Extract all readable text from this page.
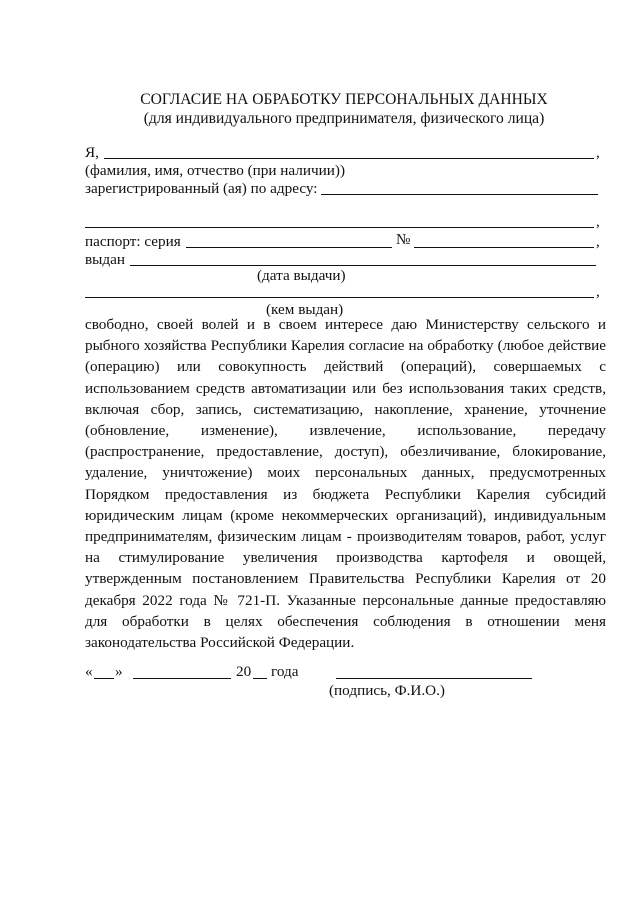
СОГЛАСИЕ НА ОБРАБОТКУ ПЕРСОНАЛЬНЫХ ДАННЫХ
(для индивидуального предпринимателя, физического лица)
Я,	,
(фамилия, имя, отчество (при наличии))
зарегистрированный (ая) по адресу:
,
паспорт: серия	№	,
выдан
(дата выдачи)
,
(кем выдан)
свободно, своей волей и в своем интересе даю Министерству сельского и рыбного хозяйства Республики Карелия согласие на обработку (любое действие (операцию) или совокупность действий (операций), совершаемых с использованием средств автоматизации или без использования таких средств, включая сбор, запись, систематизацию, накопление, хранение, уточнение (обновление, изменение), извлечение, использование, передачу (распространение, предоставление, доступ), обезличивание, блокирование, удаление, уничтожение) моих персональных данных, предусмотренных Порядком предоставления из бюджета Республики Карелия субсидий юридическим лицам (кроме некоммерческих организаций), индивидуальным предпринимателям, физическим лицам - производителям товаров, работ, услуг на стимулирование увеличения производства картофеля и овощей, утвержденным постановлением Правительства Республики Карелия от 20 декабря 2022 года № 721-П. Указанные персональные данные предоставляю для обработки в целях обеспечения соблюдения в отношении меня законодательства Российской Федерации.
« »	20 года
(подпись, Ф.И.О.)
